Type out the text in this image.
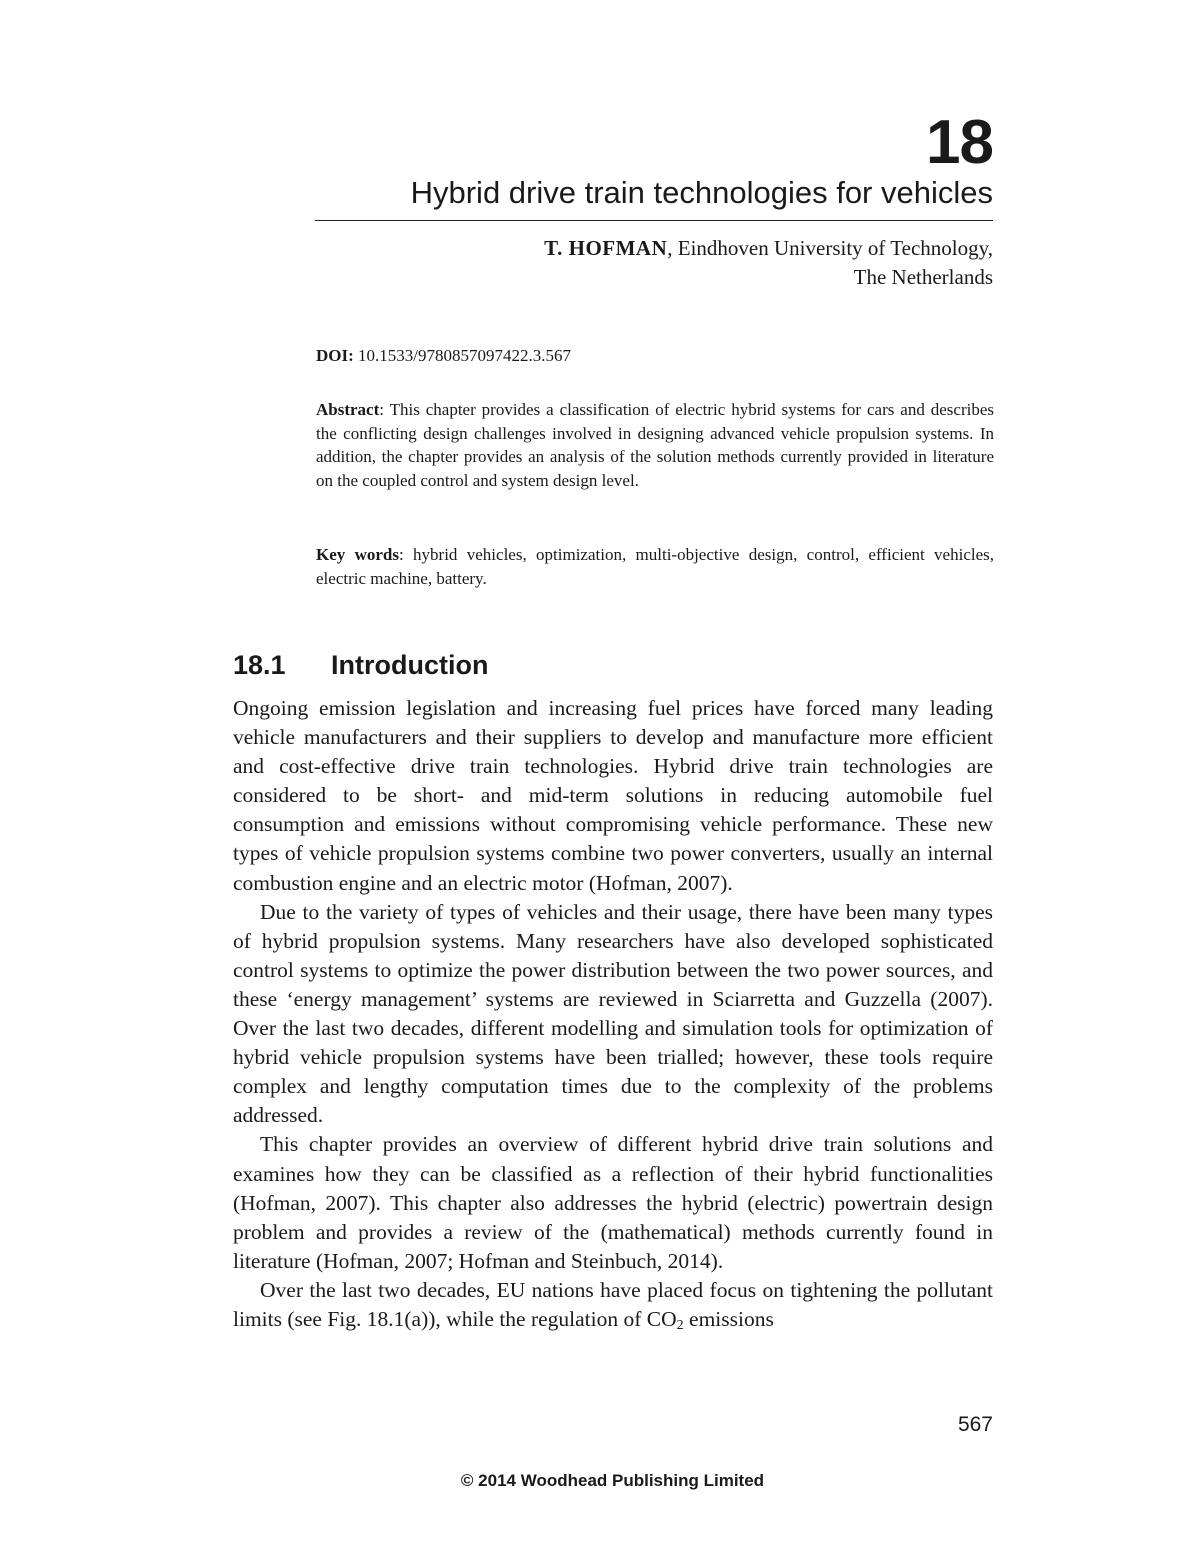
18
Hybrid drive train technologies for vehicles
T. HOFMAN, Eindhoven University of Technology,
The Netherlands
DOI: 10.1533/9780857097422.3.567
Abstract: This chapter provides a classification of electric hybrid systems for cars and describes the conflicting design challenges involved in designing advanced vehicle propulsion systems. In addition, the chapter provides an analysis of the solution methods currently provided in literature on the coupled control and system design level.
Key words: hybrid vehicles, optimization, multi-objective design, control, efficient vehicles, electric machine, battery.
18.1 Introduction

Ongoing emission legislation and increasing fuel prices have forced many leading vehicle manufacturers and their suppliers to develop and manufacture more efficient and cost-effective drive train technologies. Hybrid drive train technologies are considered to be short- and mid-term solutions in reducing automobile fuel consumption and emissions without compromising vehicle performance. These new types of vehicle propulsion systems combine two power converters, usually an internal combustion engine and an electric motor (Hofman, 2007).

Due to the variety of types of vehicles and their usage, there have been many types of hybrid propulsion systems. Many researchers have also developed sophisticated control systems to optimize the power distribution between the two power sources, and these ‘energy management’ systems are reviewed in Sciarretta and Guzzella (2007). Over the last two decades, different modelling and simulation tools for optimization of hybrid vehicle propulsion systems have been trialled; however, these tools require complex and lengthy computation times due to the complexity of the problems addressed.

This chapter provides an overview of different hybrid drive train solutions and examines how they can be classified as a reflection of their hybrid functionalities (Hofman, 2007). This chapter also addresses the hybrid (electric) powertrain design problem and provides a review of the (mathematical) methods currently found in literature (Hofman, 2007; Hofman and Steinbuch, 2014).

Over the last two decades, EU nations have placed focus on tightening the pollutant limits (see Fig. 18.1(a)), while the regulation of $CO_2$ emissions

567
© 2014 Woodhead Publishing Limited
